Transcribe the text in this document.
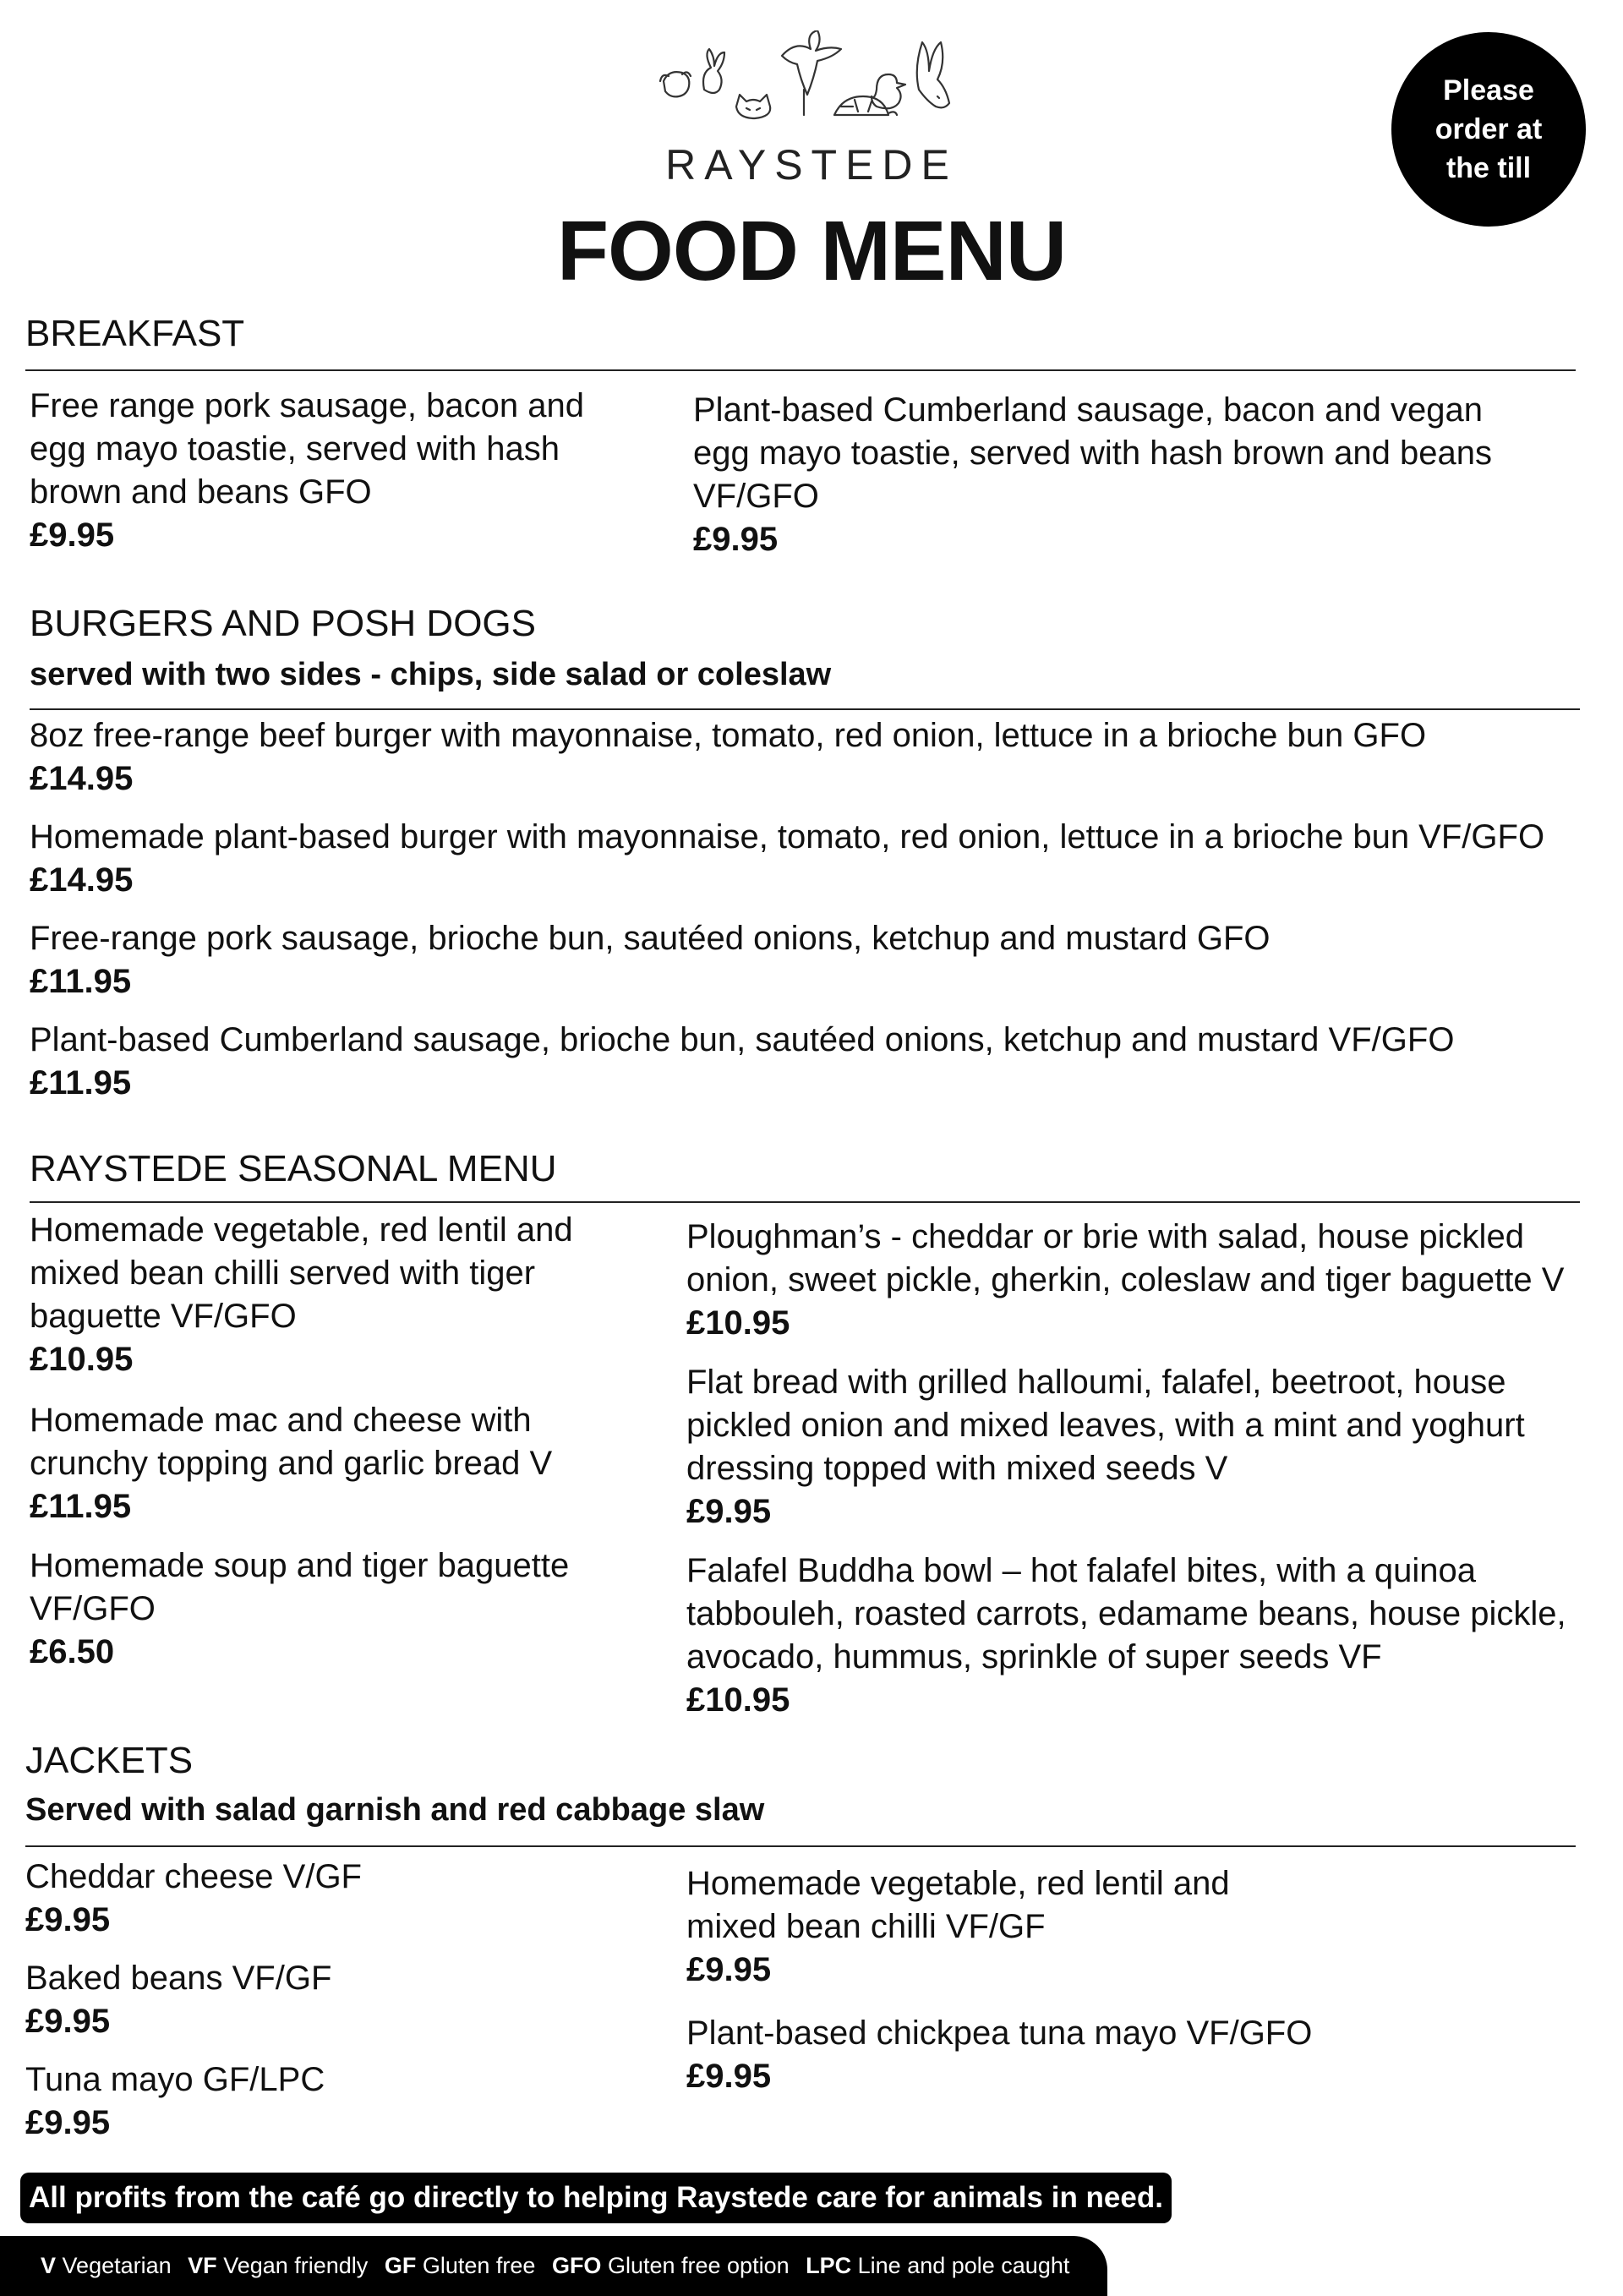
RAYSTEDE
FOOD MENU
Please order at the till
BREAKFAST
Free range pork sausage, bacon and egg mayo toastie, served with hash brown and beans GFO
£9.95
Plant-based Cumberland sausage, bacon and vegan egg mayo toastie, served with hash brown and beans VF/GFO
£9.95
BURGERS AND POSH DOGS
served with two sides - chips, side salad or coleslaw
8oz free-range beef burger with mayonnaise, tomato, red onion, lettuce in a brioche bun GFO
£14.95
Homemade plant-based burger with mayonnaise, tomato, red onion, lettuce in a brioche bun VF/GFO
£14.95
Free-range pork sausage, brioche bun, sautéed onions, ketchup and mustard GFO
£11.95
Plant-based Cumberland sausage, brioche bun, sautéed onions, ketchup and mustard VF/GFO
£11.95
RAYSTEDE SEASONAL MENU
Homemade vegetable, red lentil and mixed bean chilli served with tiger baguette VF/GFO
£10.95
Homemade mac and cheese with crunchy topping and garlic bread V
£11.95
Homemade soup and tiger baguette VF/GFO
£6.50
Ploughman’s - cheddar or brie with salad, house pickled onion, sweet pickle, gherkin, coleslaw and tiger baguette V
£10.95
Flat bread with grilled halloumi, falafel, beetroot, house pickled onion and mixed leaves, with a mint and yoghurt dressing topped with mixed seeds V
£9.95
Falafel Buddha bowl – hot falafel bites, with a quinoa tabbouleh, roasted carrots, edamame beans, house pickle, avocado, hummus, sprinkle of super seeds VF
£10.95
JACKETS
Served with salad garnish and red cabbage slaw
Cheddar cheese V/GF
£9.95
Baked beans VF/GF
£9.95
Tuna mayo GF/LPC
£9.95
Homemade vegetable, red lentil and mixed bean chilli VF/GF
£9.95
Plant-based chickpea tuna mayo VF/GFO
£9.95
All profits from the café go directly to helping Raystede care for animals in need.
V Vegetarian VF Vegan friendly GF Gluten free GFO Gluten free option LPC Line and pole caught
